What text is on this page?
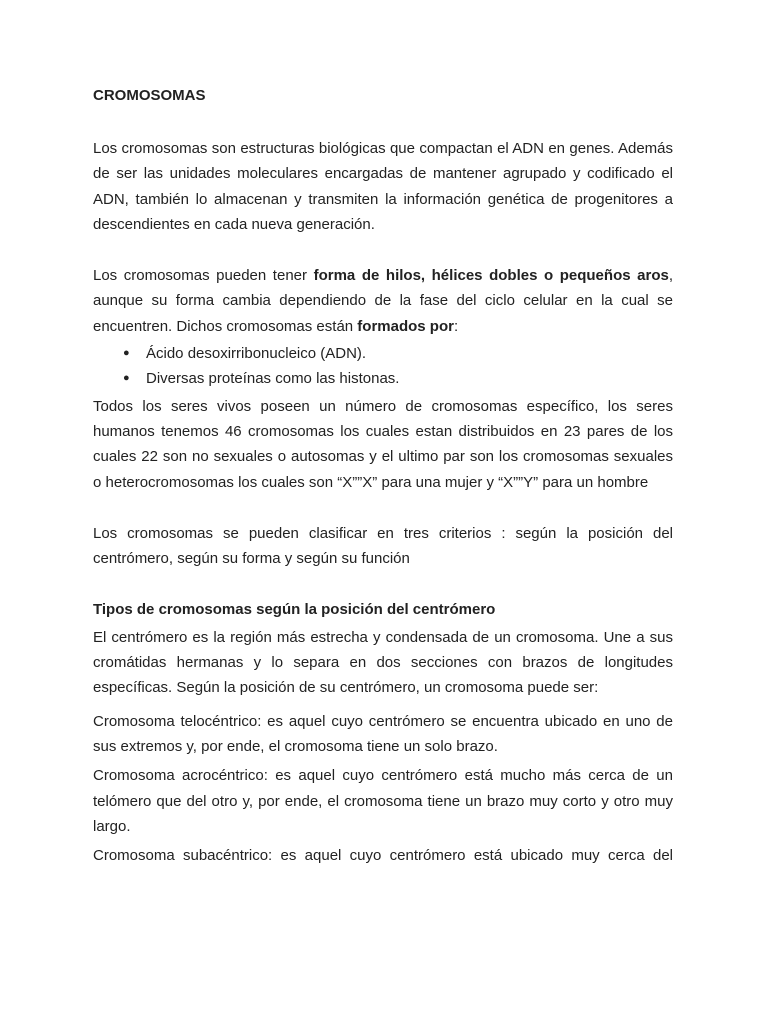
CROMOSOMAS

Los cromosomas son estructuras biológicas que compactan el ADN en genes. Además de ser las unidades moleculares encargadas de mantener agrupado y codificado el ADN, también lo almacenan y transmiten la información genética de progenitores a descendientes en cada nueva generación.

Los cromosomas pueden tener forma de hilos, hélices dobles o pequeños aros, aunque su forma cambia dependiendo de la fase del ciclo celular en la cual se encuentren. Dichos cromosomas están formados por:

● Ácido desoxirribonucleico (ADN).
● Diversas proteínas como las histonas.

Todos los seres vivos poseen un número de cromosomas específico, los seres humanos tenemos 46 cromosomas los cuales estan distribuidos en 23 pares de los cuales 22 son no sexuales o autosomas y el ultimo par son los cromosomas sexuales o heterocromosomas los cuales son “X””X” para una mujer y “X””Y” para un hombre

Los cromosomas se pueden clasificar en tres criterios : según la posición del centrómero, según su forma y según su función

Tipos de cromosomas según la posición del centrómero

El centrómero es la región más estrecha y condensada de un cromosoma. Une a sus cromátidas hermanas y lo separa en dos secciones con brazos de longitudes específicas. Según la posición de su centrómero, un cromosoma puede ser:

Cromosoma telocéntrico: es aquel cuyo centrómero se encuentra ubicado en uno de sus extremos y, por ende, el cromosoma tiene un solo brazo.

Cromosoma acrocéntrico: es aquel cuyo centrómero está mucho más cerca de un telómero que del otro y, por ende, el cromosoma tiene un brazo muy corto y otro muy largo.

Cromosoma subacéntrico: es aquel cuyo centrómero está ubicado muy cerca del
